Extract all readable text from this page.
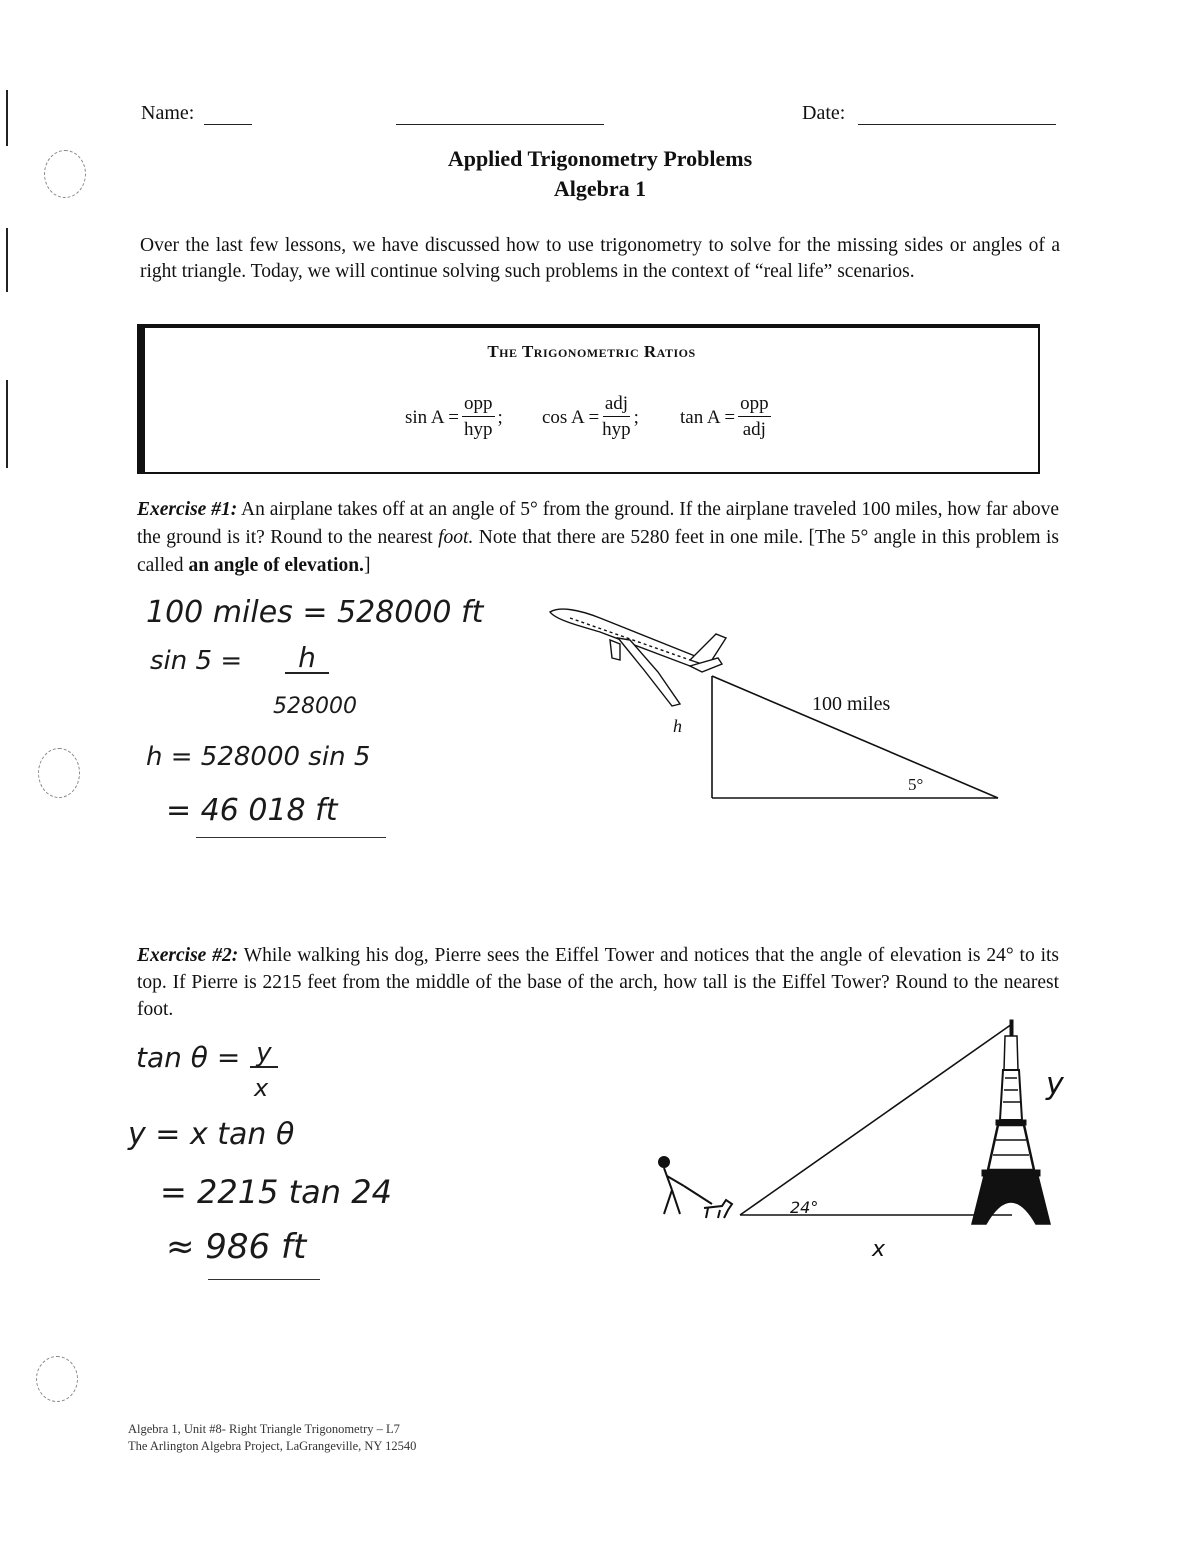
Name:	Date:
Applied Trigonometry Problems
Algebra 1
Over the last few lessons, we have discussed how to use trigonometry to solve for the missing sides or angles of a right triangle. Today, we will continue solving such problems in the context of “real life” scenarios.
The Trigonometric Ratios
$\sin A = \frac{\text{opp}}{\text{hyp}}$ ; $\cos A = \frac{\text{adj}}{\text{hyp}}$ ; $\tan A = \frac{\text{opp}}{\text{adj}}$
Exercise #1: An airplane takes off at an angle of 5° from the ground. If the airplane traveled 100 miles, how far above the ground is it? Round to the nearest foot. Note that there are 5280 feet in one mile. [The 5° angle in this problem is called an angle of elevation.]
100 miles = 528000 ft
sin 5 =	h
528000
h = 528000 sin 5
= 46 018 ft
100 miles
h
5°
Exercise #2: While walking his dog, Pierre sees the Eiffel Tower and notices that the angle of elevation is 24° to its top. If Pierre is 2215 feet from the middle of the base of the arch, how tall is the Eiffel Tower? Round to the nearest foot.
tan θ = y
x
y = x tan θ
= 2215 tan 24
≈ 986 ft
24°
x
y
Algebra 1, Unit #8- Right Triangle Trigonometry – L7
The Arlington Algebra Project, LaGrangeville, NY 12540
